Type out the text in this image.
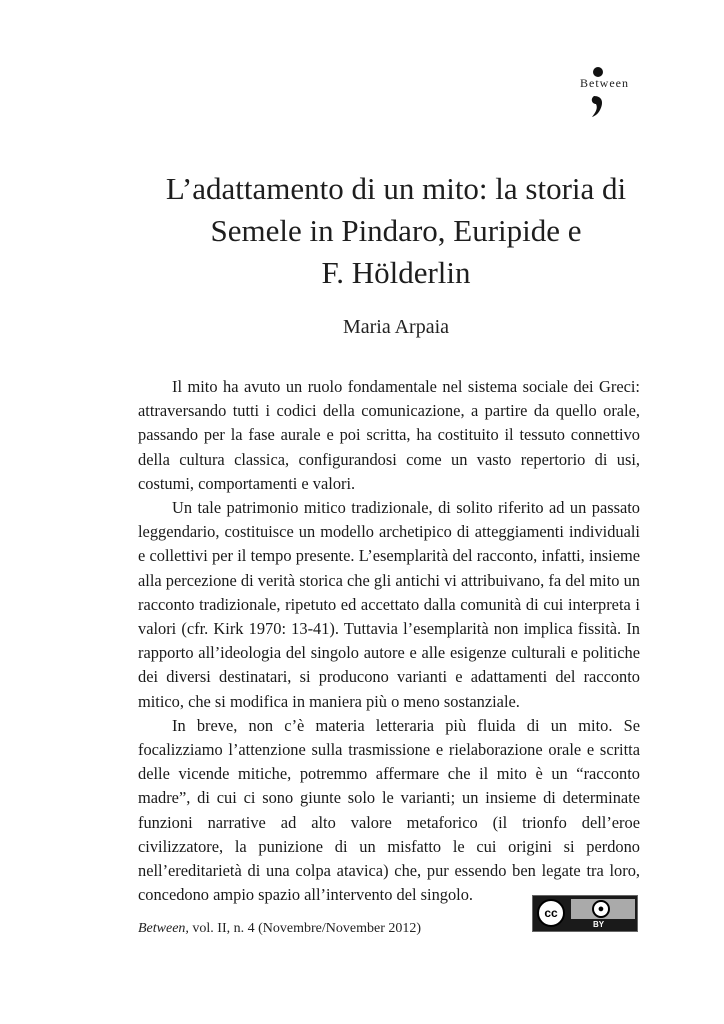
Between
L’adattamento di un mito: la storia di
Semele in Pindaro, Euripide e
F. Hölderlin
Maria Arpaia

Il mito ha avuto un ruolo fondamentale nel sistema sociale dei Greci: attraversando tutti i codici della comunicazione, a partire da quello orale, passando per la fase aurale e poi scritta, ha costituito il tessuto connettivo della cultura classica, configurandosi come un vasto repertorio di usi, costumi, comportamenti e valori.

Un tale patrimonio mitico tradizionale, di solito riferito ad un passato leggendario, costituisce un modello archetipico di atteggiamenti individuali e collettivi per il tempo presente. L’esemplarità del racconto, infatti, insieme alla percezione di verità storica che gli antichi vi attribuivano, fa del mito un racconto tradizionale, ripetuto ed accettato dalla comunità di cui interpreta i valori (cfr. Kirk 1970: 13-41). Tuttavia l’esemplarità non implica fissità. In rapporto all’ideologia del singolo autore e alle esigenze culturali e politiche dei diversi destinatari, si producono varianti e adattamenti del racconto mitico, che si modifica in maniera più o meno sostanziale.

In breve, non c’è materia letteraria più fluida di un mito. Se focalizziamo l’attenzione sulla trasmissione e rielaborazione orale e scritta delle vicende mitiche, potremmo affermare che il mito è un “racconto madre”, di cui ci sono giunte solo le varianti; un insieme di determinate funzioni narrative ad alto valore metaforico (il trionfo dell’eroe civilizzatore, la punizione di un misfatto le cui origini si perdono nell’ereditarietà di una colpa atavica) che, pur essendo ben legate tra loro, concedono ampio spazio all’intervento del singolo.

Between, vol. II, n. 4 (Novembre/November 2012)
cc	●
BY
